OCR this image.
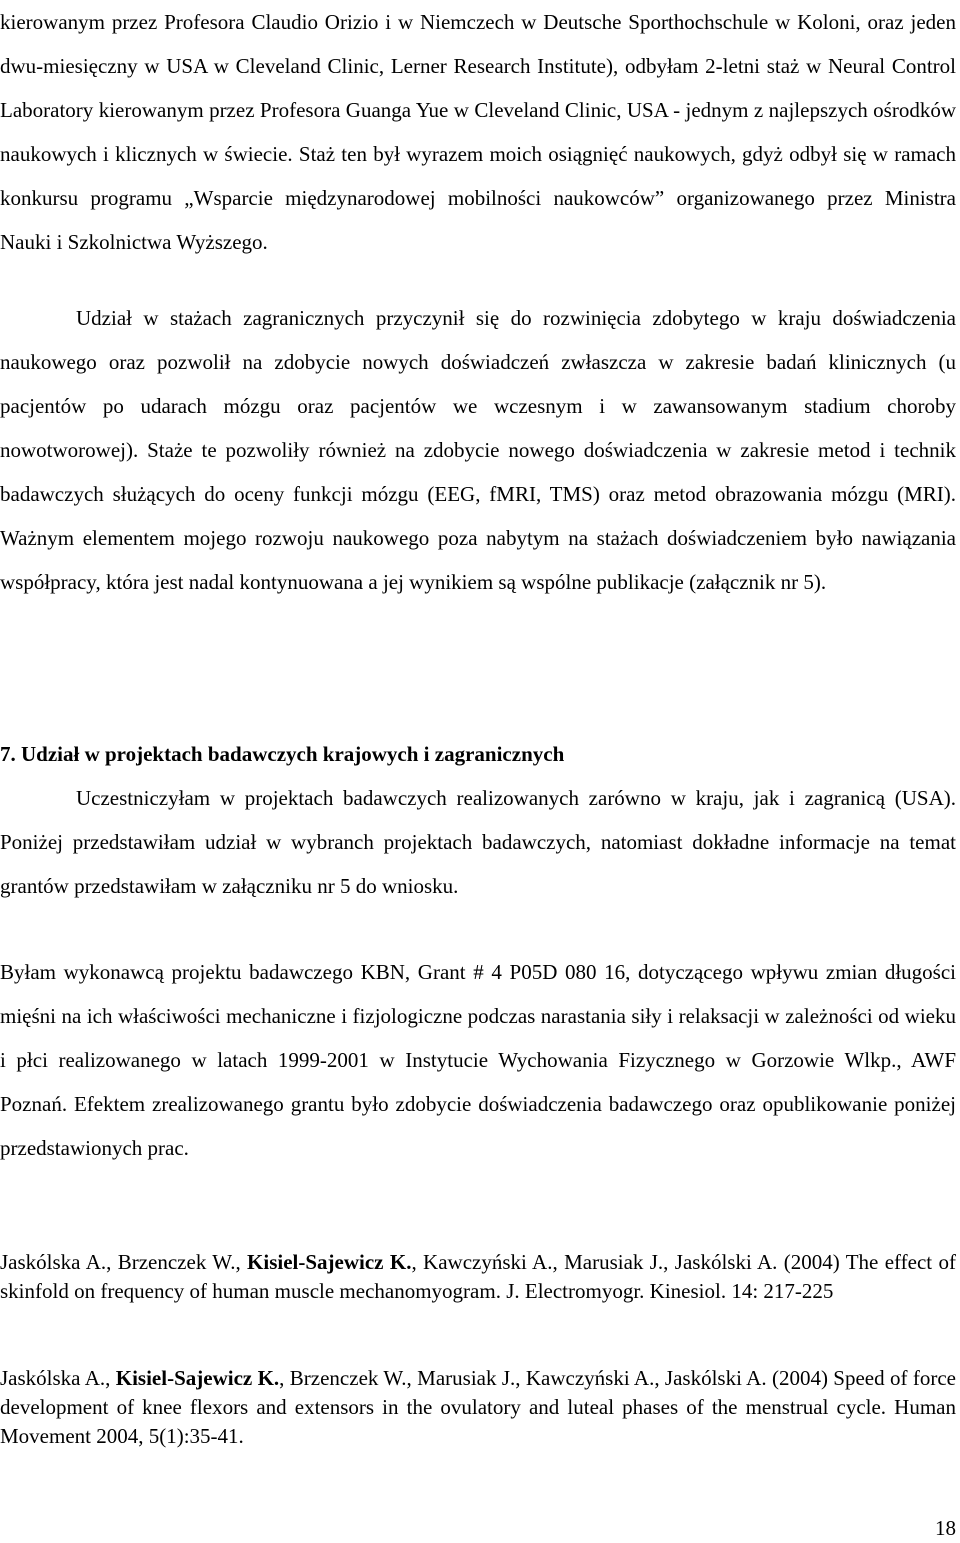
kierowanym przez Profesora Claudio Orizio i w Niemczech w Deutsche Sporthochschule w Koloni, oraz jeden dwu-miesięczny w USA w Cleveland Clinic, Lerner Research Institute), odbyłam 2-letni staż w Neural Control Laboratory kierowanym przez Profesora Guanga Yue w Cleveland Clinic, USA - jednym z najlepszych ośrodków naukowych i klicznych w świecie. Staż ten był wyrazem moich osiągnięć naukowych, gdyż odbył się w ramach konkursu programu „Wsparcie międzynarodowej mobilności naukowców” organizowanego przez Ministra Nauki i Szkolnictwa Wyższego.

Udział w stażach zagranicznych przyczynił się do rozwinięcia zdobytego w kraju doświadczenia naukowego oraz pozwolił na zdobycie nowych doświadczeń zwłaszcza w zakresie badań klinicznych (u pacjentów po udarach mózgu oraz pacjentów we wczesnym i w zawansowanym stadium choroby nowotworowej). Staże te pozwoliły również na zdobycie nowego doświadczenia w zakresie metod i technik badawczych służących do oceny funkcji mózgu (EEG, fMRI, TMS) oraz metod obrazowania mózgu (MRI). Ważnym elementem mojego rozwoju naukowego poza nabytym na stażach doświadczeniem było nawiązania współpracy, która jest nadal kontynuowana a jej wynikiem są wspólne publikacje (załącznik nr 5).

7. Udział w projektach badawczych krajowych i zagranicznych

Uczestniczyłam w projektach badawczych realizowanych zarówno w kraju, jak i zagranicą (USA). Poniżej przedstawiłam udział w wybranch projektach badawczych, natomiast dokładne informacje na temat grantów przedstawiłam w załączniku nr 5 do wniosku.

Byłam wykonawcą projektu badawczego KBN, Grant # 4 P05D 080 16, dotyczącego wpływu zmian długości mięśni na ich właściwości mechaniczne i fizjologiczne podczas narastania siły i relaksacji w zależności od wieku i płci realizowanego w latach 1999-2001 w Instytucie Wychowania Fizycznego w Gorzowie Wlkp., AWF Poznań. Efektem zrealizowanego grantu było zdobycie doświadczenia badawczego oraz opublikowanie poniżej przedstawionych prac.

Jaskólska A., Brzenczek W., Kisiel-Sajewicz K., Kawczyński A., Marusiak J., Jaskólski A. (2004) The effect of skinfold on frequency of human muscle mechanomyogram. J. Electromyogr. Kinesiol. 14: 217-225

Jaskólska A., Kisiel-Sajewicz K., Brzenczek W., Marusiak J., Kawczyński A., Jaskólski A. (2004) Speed of force development of knee flexors and extensors in the ovulatory and luteal phases of the menstrual cycle. Human Movement 2004, 5(1):35-41.

18
